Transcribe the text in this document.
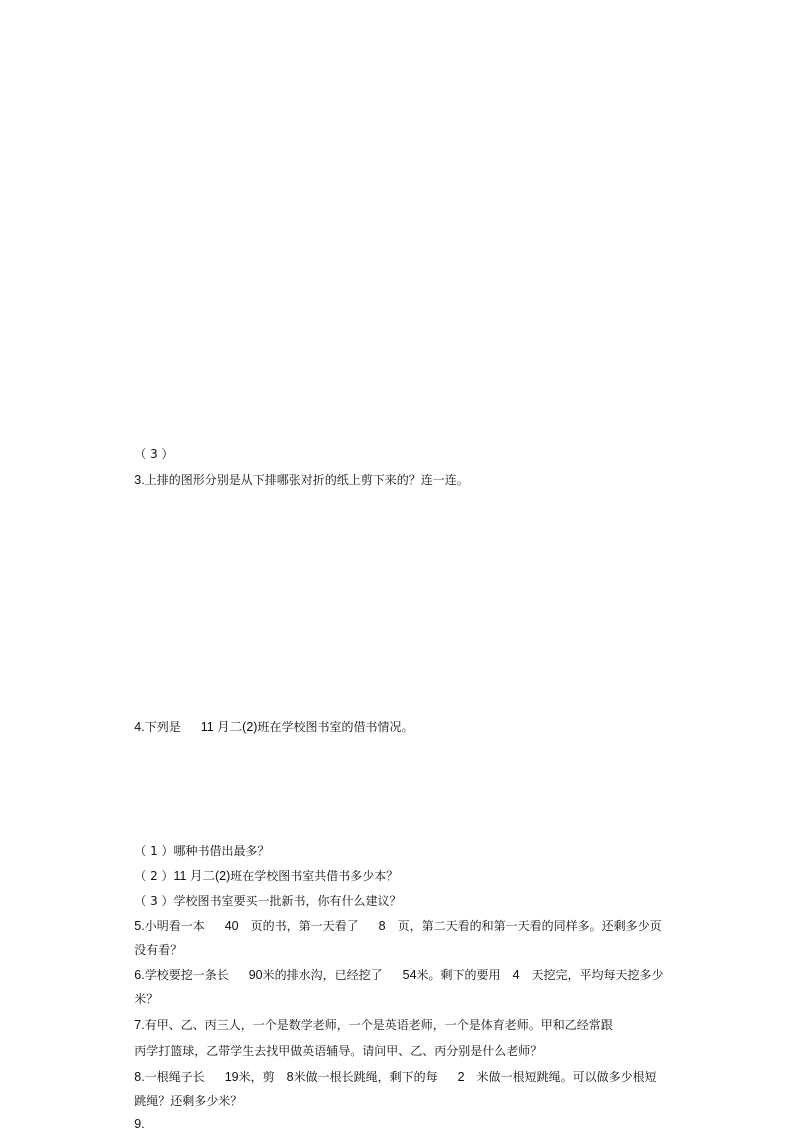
（ 3 ）

3.上排的图形分别是从下排哪张对折的纸上剪下来的？连一连。

4.下列是 11 月二(2)班在学校图书室的借书情况。

（ 1 ）哪种书借出最多？

（ 2 ）11 月二(2)班在学校图书室共借书多少本？

（ 3 ）学校图书室要买一批新书，你有什么建议？

5.小明看一本 40 页的书，第一天看了 8 页，第二天看的和第一天看的同样多。还剩多少页

没有看？

6.学校要挖一条长 90米的排水沟，已经挖了 54米。剩下的要用 4 天挖完，平均每天挖多少

米？

7.有甲、乙、丙三人，一个是数学老师，一个是英语老师，一个是体育老师。甲和乙经常跟

丙学打篮球，乙带学生去找甲做英语辅导。请问甲、乙、丙分别是什么老师？

8.一根绳子长 19米，剪 8米做一根长跳绳，剩下的每 2 米做一根短跳绳。可以做多少根短

跳绳？还剩多少米？

9.
